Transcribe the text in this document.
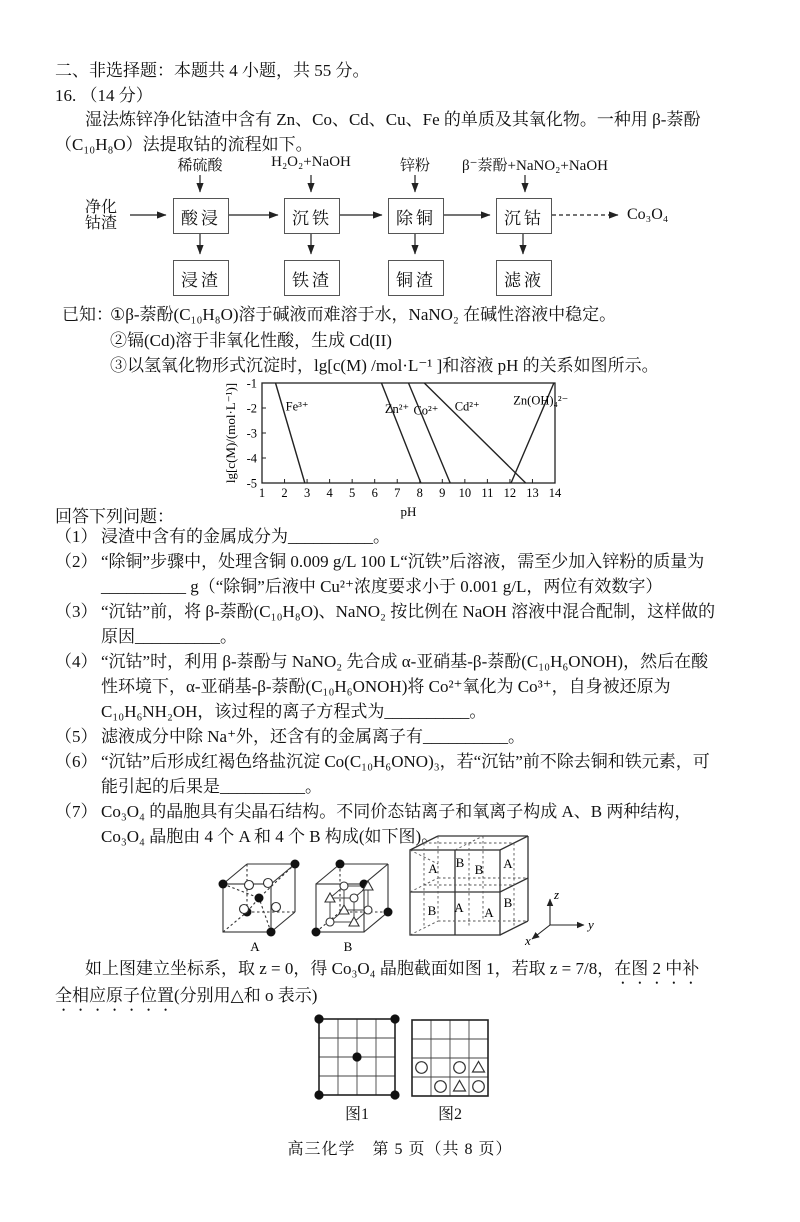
二、非选择题：本题共 4 小题，共 55 分。
16. （14 分）
湿法炼锌净化钴渣中含有 Zn、Co、Cd、Cu、Fe 的单质及其氧化物。一种用 β-萘酚
（C₁₀H₈O）法提取钴的流程如下。
稀硫酸	H₂O₂+NaOH	锌粉 β⁻萘酚+NaNO₂+NaOH
净化
钴渣	酸浸	沉铁	除铜	沉钴
浸渣	铁渣	铜渣	滤液
Co₃O₄
已知：
①β-萘酚(C₁₀H₈O)溶于碱液而难溶于水，NaNO₂ 在碱性溶液中稳定。
②镉(Cd)溶于非氧化性酸，生成 Cd(II)
③以氢氧化物形式沉淀时，lg[c(M) /mol·L⁻¹ ]和溶液 pH 的关系如图所示。
1 2 3 4 5 6 7 8 9 10 11 12 13 14
-1
-2
-3
-4
-5
Fe³⁺	Zn²⁺ Co²⁺ Cd²⁺	Zn(OH)₄²⁻
pH
lg[c(M)/(mol·L⁻¹)]
回答下列问题：
（1） 浸渣中含有的金属成分为__________。
（2） “除铜”步骤中，处理含铜 0.009 g/L 100 L“沉铁”后溶液，需至少加入锌粉的质量为
__________ g（“除铜”后液中 Cu²⁺浓度要求小于 0.001 g/L，两位有效数字）
（3） “沉钴”前，将 β-萘酚(C₁₀H₈O)、NaNO₂ 按比例在 NaOH 溶液中混合配制，这样做的
原因__________。
（4） “沉钴”时，利用 β-萘酚与 NaNO₂ 先合成 α-亚硝基-β-萘酚(C₁₀H₆ONOH)，然后在酸
性环境下，α-亚硝基-β-萘酚(C₁₀H₆ONOH)将 Co²⁺氧化为 Co³⁺，自身被还原为
C₁₀H₆NH₂OH，该过程的离子方程式为__________。
（5） 滤液成分中除 Na⁺外，还含有的金属离子有__________。
（6） “沉钴”后形成红褐色络盐沉淀 Co(C₁₀H₆ONO)₃，若“沉钴”前不除去铜和铁元素，可
能引起的后果是__________。
（7） Co₃O₄ 的晶胞具有尖晶石结构。不同价态钴离子和氧离子构成 A、B 两种结构，
Co₃O₄ 晶胞由 4 个 A 和 4 个 B 构成(如下图)。
A	B
A B B A
B A A
B
z
y
x
如上图建立坐标系，取 z = 0，得 Co₃O₄ 晶胞截面如图 1，若取 z = 7/8，在图 2 中补
全相应原子位置(分别用△和 o 表示)
图1	图2
高三化学　第 5 页（共 8 页）
